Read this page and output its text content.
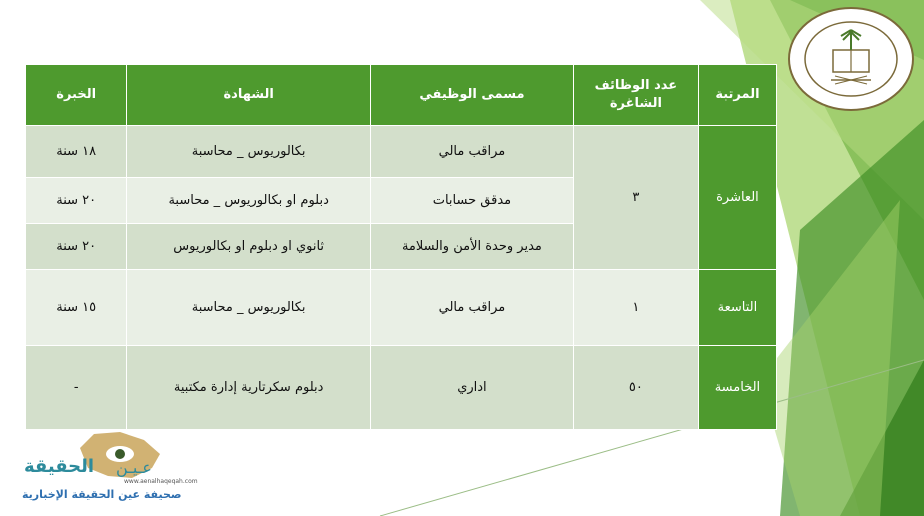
المرتبة	عدد الوظائف الشاغرة	مسمى الوظيفي	الشهادة	الخبرة
العاشرة	٣	مراقب مالي	بكالوريوس _ محاسبة	١٨ سنة
		مدقق حسابات	دبلوم او بكالوريوس _ محاسبة	٢٠ سنة
		مدير وحدة الأمن والسلامة	ثانوي او دبلوم او بكالوريوس	٢٠ سنة
التاسعة	١	مراقب مالي	بكالوريوس _ محاسبة	١٥ سنة
الخامسة	٥٠	اداري	دبلوم سكرتارية إدارة مكتبية	-
الحقيقة عـيـن
www.aenalhaqeqah.com
صحيفة عين الحقيقة الإخبارية
